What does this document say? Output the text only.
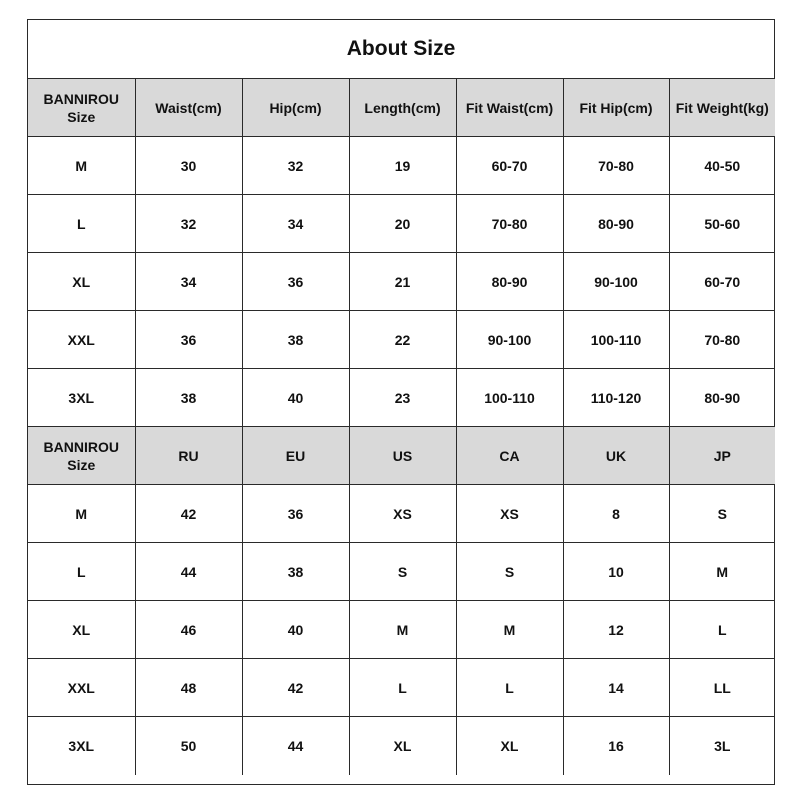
About Size
BANNIROU
Size	Waist(cm)	Hip(cm)	Length(cm)	Fit Waist(cm)	Fit Hip(cm)	Fit Weight(kg)
M	30	32	19	60-70	70-80	40-50
L	32	34	20	70-80	80-90	50-60
XL	34	36	21	80-90	90-100	60-70
XXL	36	38	22	90-100	100-110	70-80
3XL	38	40	23	100-110	110-120	80-90

BANNIROU
Size	RU	EU	US	CA	UK	JP
M	42	36	XS	XS	8	S
L	44	38	S	S	10	M
XL	46	40	M	M	12	L
XXL	48	42	L	L	14	LL
3XL	50	44	XL	XL	16	3L
